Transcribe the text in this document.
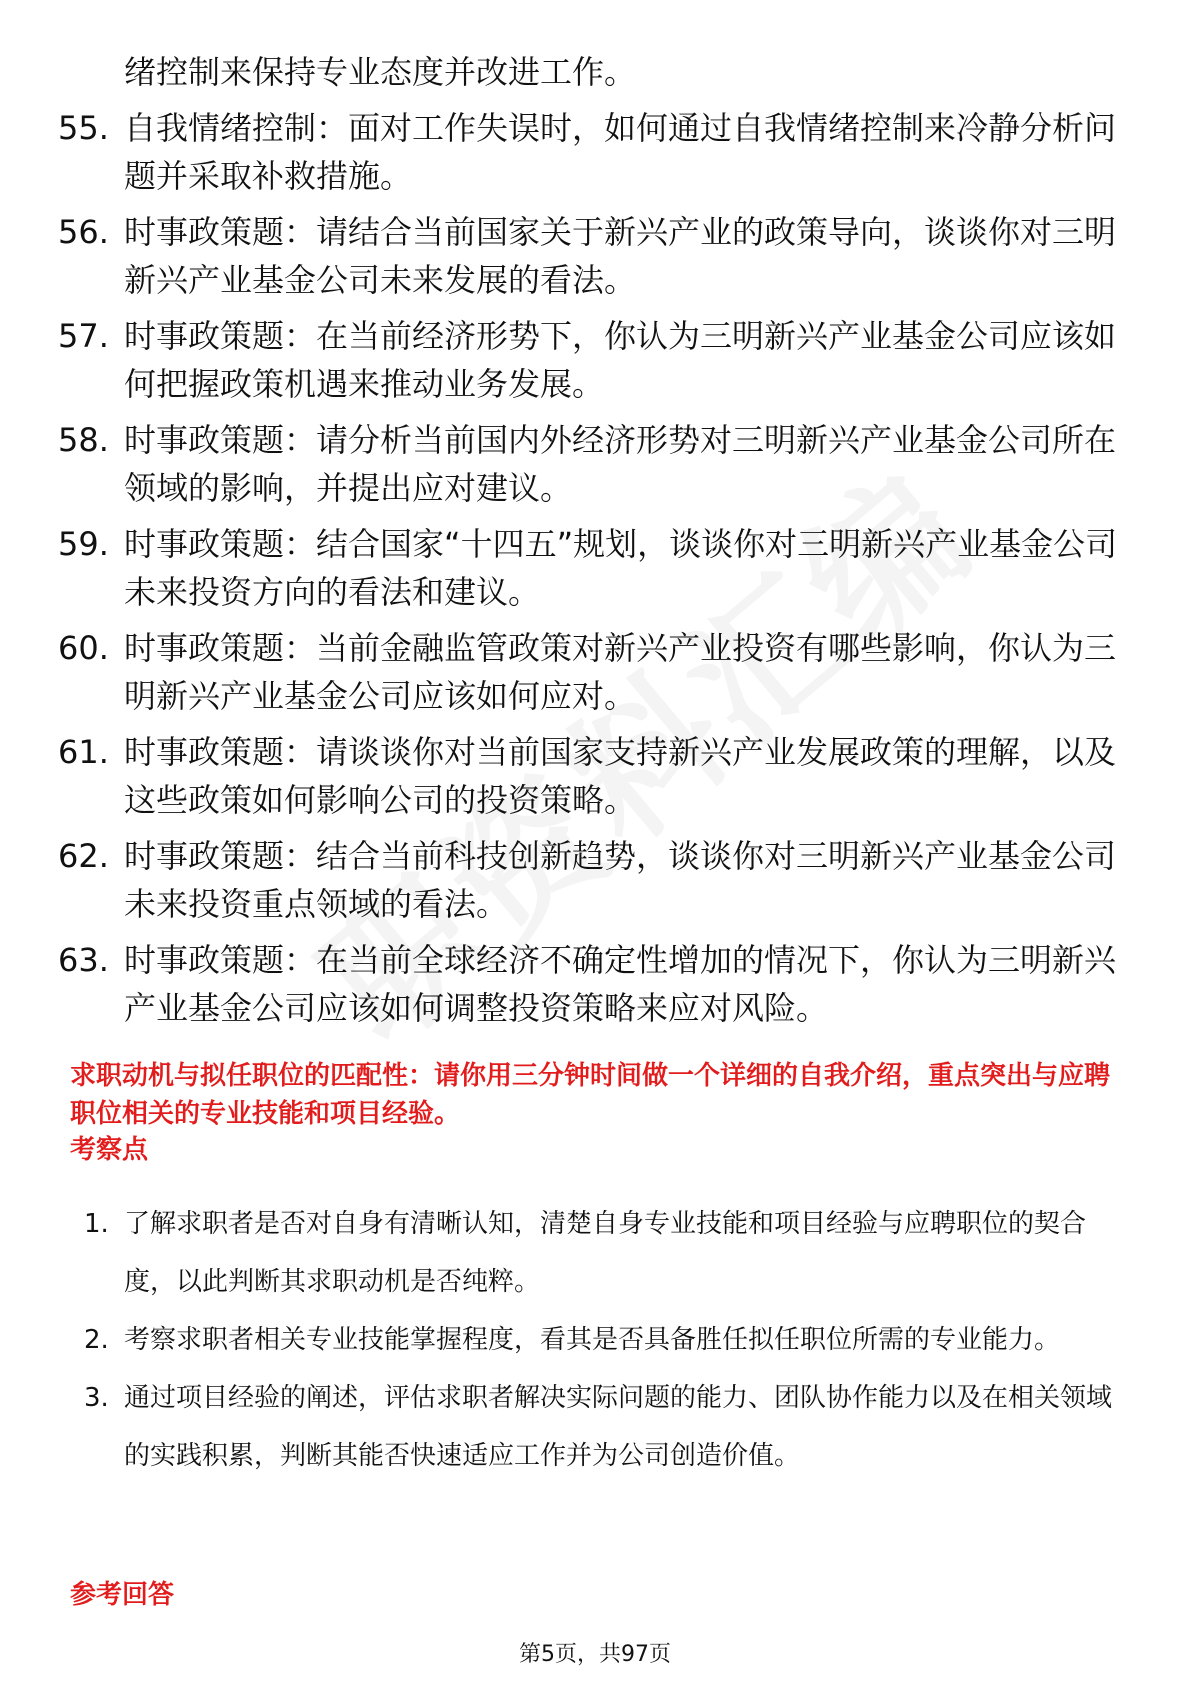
绪控制来保持专业态度并改进工作。
55. 自我情绪控制：面对工作失误时，如何通过自我情绪控制来冷静分析问题并采取补救措施。
56. 时事政策题：请结合当前国家关于新兴产业的政策导向，谈谈你对三明新兴产业基金公司未来发展的看法。
57. 时事政策题：在当前经济形势下，你认为三明新兴产业基金公司应该如何把握政策机遇来推动业务发展。
58. 时事政策题：请分析当前国内外经济形势对三明新兴产业基金公司所在领域的影响，并提出应对建议。
59. 时事政策题：结合国家“十四五”规划，谈谈你对三明新兴产业基金公司未来投资方向的看法和建议。
60. 时事政策题：当前金融监管政策对新兴产业投资有哪些影响，你认为三明新兴产业基金公司应该如何应对。
61. 时事政策题：请谈谈你对当前国家支持新兴产业发展政策的理解，以及这些政策如何影响公司的投资策略。
62. 时事政策题：结合当前科技创新趋势，谈谈你对三明新兴产业基金公司未来投资重点领域的看法。
63. 时事政策题：在当前全球经济不确定性增加的情况下，你认为三明新兴产业基金公司应该如何调整投资策略来应对风险。
求职动机与拟任职位的匹配性：请你用三分钟时间做一个详细的自我介绍，重点突出与应聘职位相关的专业技能和项目经验。
考察点
1. 了解求职者是否对自身有清晰认知，清楚自身专业技能和项目经验与应聘职位的契合度，以此判断其求职动机是否纯粹。
2. 考察求职者相关专业技能掌握程度，看其是否具备胜任拟任职位所需的专业能力。
3. 通过项目经验的阐述，评估求职者解决实际问题的能力、团队协作能力以及在相关领域的实践积累，判断其能否快速适应工作并为公司创造价值。
参考回答
第5页，共97页
